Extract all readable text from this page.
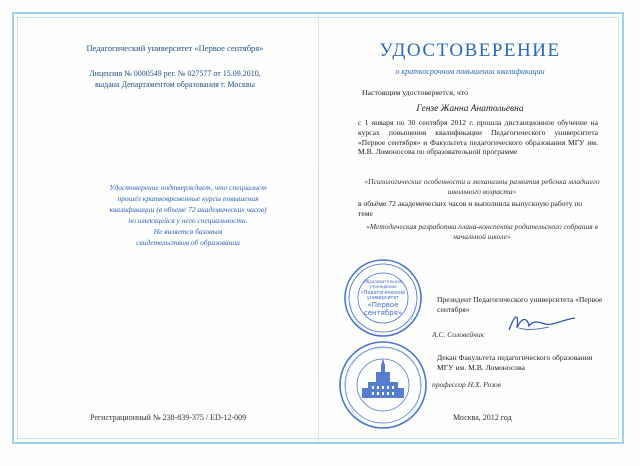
Педагогический университет «Первое сентября»
Лицензия № 0000549 рег. № 027577 от 15.09.2010,
выдана Департаментом образования г. Москвы
Удостоверение подтверждает, что специалист
прошёл кратковременные курсы повышения
квалификации (в объеме 72 академических часов)
по имеющейся у него специальности.
Не является базовым
свидетельством об образовании
Регистрационный № 238-839-375 / ED-12-009
УДОСТОВЕРЕНИЕ
о краткосрочном повышении квалификации
Настоящим удостоверяется, что
Гензе Жанна Анатольевна
с 1 января по 30 сентября 2012 г. прошла дистанционное обучение на курсах повышения квалификации Педагогического университета «Первое сентября» и Факультета педагогического образования МГУ им. М.В. Ломоносова по образовательной программе
«Психологические особенности и механизмы развития ребенка младшего школьного возраста»
в объёме 72 академических часов и выполнила выпускную работу по теме
«Методическая разработка плана-конспекта родительского собрания в начальной школе»
Президент Педагогического университета «Первое сентября»
А.С. Соловейчик
Декан Факультета педагогического образования МГУ им. М.В. Ломоносова
профессор Н.Х. Розов
Москва, 2012 год
Образовательное
учреждение
«Педагогический
университет
«Первое
сентября»
